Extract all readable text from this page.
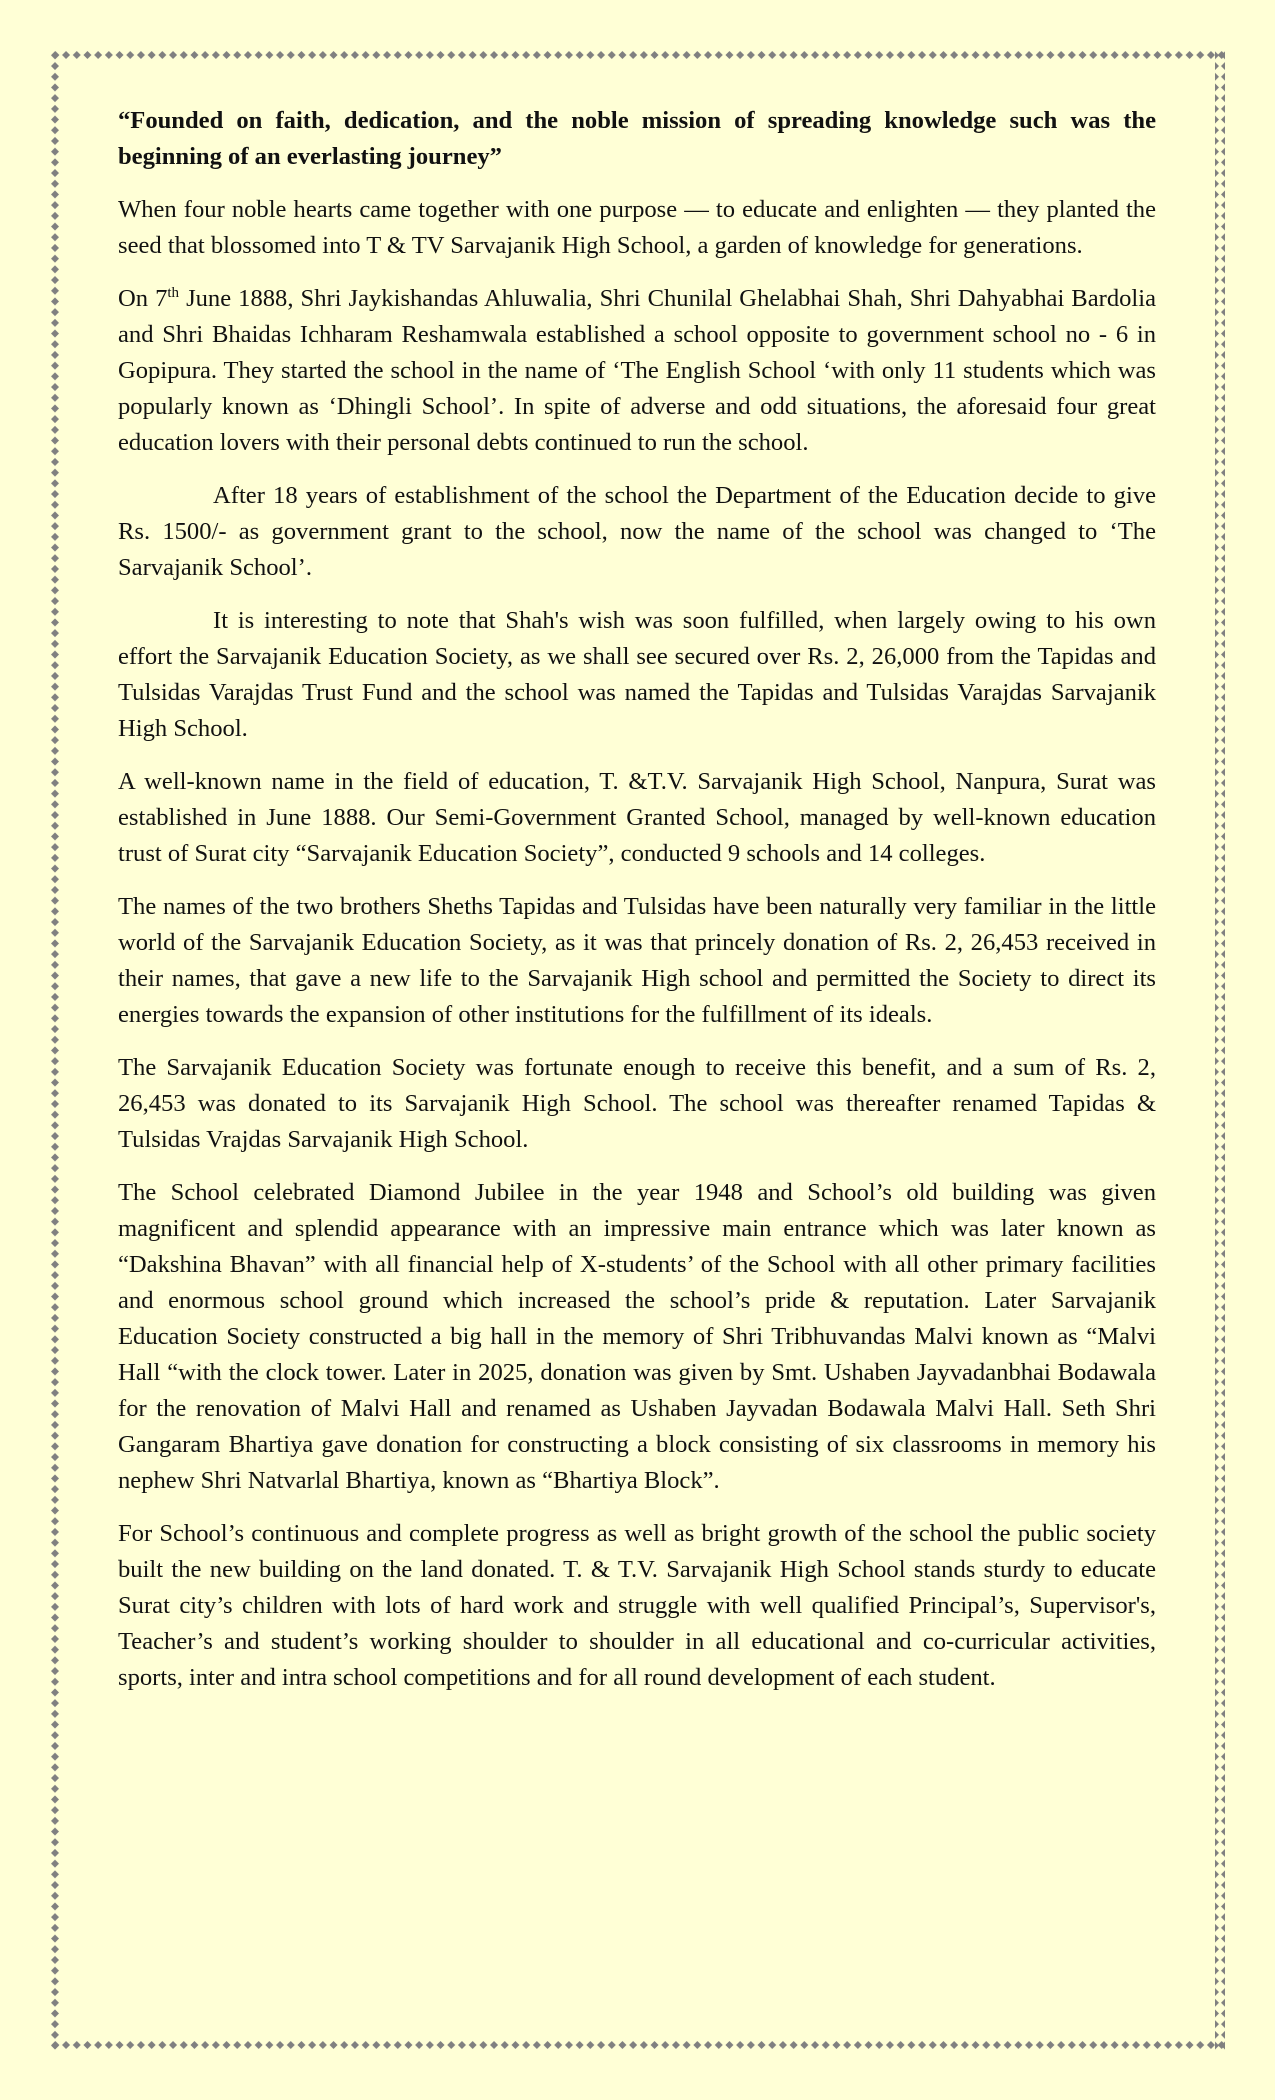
“Founded on faith, dedication, and the noble mission of spreading knowledge such was the beginning of an everlasting journey”

When four noble hearts came together with one purpose — to educate and enlighten — they planted the seed that blossomed into T & TV Sarvajanik High School, a garden of knowledge for generations.

On 7th June 1888, Shri Jaykishandas Ahluwalia, Shri Chunilal Ghelabhai Shah, Shri Dahyabhai Bardolia and Shri Bhaidas Ichharam Reshamwala established a school opposite to government school no - 6 in Gopipura. They started the school in the name of ‘The English School ‘with only 11 students which was popularly known as ‘Dhingli School’. In spite of adverse and odd situations, the aforesaid four great education lovers with their personal debts continued to run the school.

After 18 years of establishment of the school the Department of the Education decide to give Rs. 1500/- as government grant to the school, now the name of the school was changed to ‘The Sarvajanik School’.

It is interesting to note that Shah's wish was soon fulfilled, when largely owing to his own effort the Sarvajanik Education Society, as we shall see secured over Rs. 2, 26,000 from the Tapidas and Tulsidas Varajdas Trust Fund and the school was named the Tapidas and Tulsidas Varajdas Sarvajanik High School.

A well-known name in the field of education, T. &T.V. Sarvajanik High School, Nanpura, Surat was established in June 1888. Our Semi-Government Granted School, managed by well-known education trust of Surat city “Sarvajanik Education Society”, conducted 9 schools and 14 colleges.

The names of the two brothers Sheths Tapidas and Tulsidas have been naturally very familiar in the little world of the Sarvajanik Education Society, as it was that princely donation of Rs. 2, 26,453 received in their names, that gave a new life to the Sarvajanik High school and permitted the Society to direct its energies towards the expansion of other institutions for the fulfillment of its ideals.

The Sarvajanik Education Society was fortunate enough to receive this benefit, and a sum of Rs. 2, 26,453 was donated to its Sarvajanik High School. The school was thereafter renamed Tapidas & Tulsidas Vrajdas Sarvajanik High School.

The School celebrated Diamond Jubilee in the year 1948 and School’s old building was given magnificent and splendid appearance with an impressive main entrance which was later known as “Dakshina Bhavan” with all financial help of X-students’ of the School with all other primary facilities and enormous school ground which increased the school’s pride & reputation. Later Sarvajanik Education Society constructed a big hall in the memory of Shri Tribhuvandas Malvi known as “Malvi Hall “with the clock tower. Later in 2025, donation was given by Smt. Ushaben Jayvadanbhai Bodawala for the renovation of Malvi Hall and renamed as Ushaben Jayvadan Bodawala Malvi Hall. Seth Shri Gangaram Bhartiya gave donation for constructing a block consisting of six classrooms in memory his nephew Shri Natvarlal Bhartiya, known as “Bhartiya Block”.

For School’s continuous and complete progress as well as bright growth of the school the public society built the new building on the land donated. T. & T.V. Sarvajanik High School stands sturdy to educate Surat city’s children with lots of hard work and struggle with well qualified Principal’s, Supervisor's, Teacher’s and student’s working shoulder to shoulder in all educational and co-curricular activities, sports, inter and intra school competitions and for all round development of each student.
